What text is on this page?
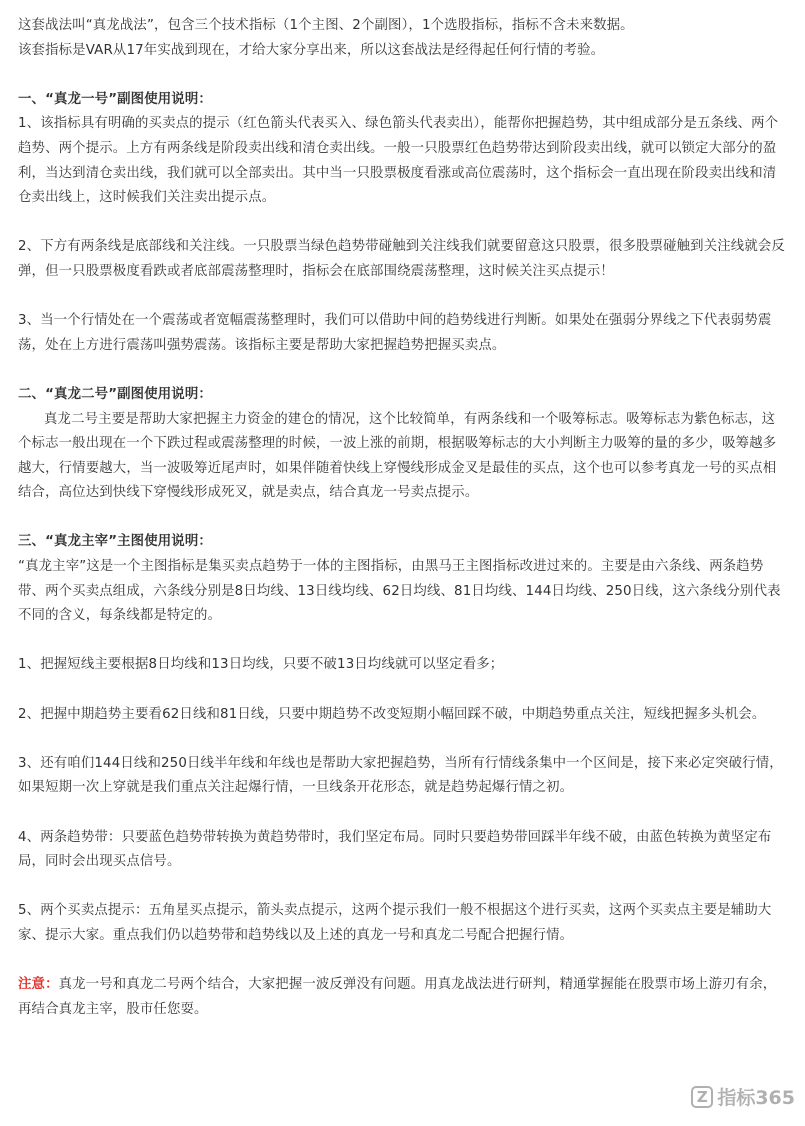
这套战法叫“真龙战法”，包含三个技术指标（1个主图、2个副图），1个选股指标，指标不含未来数据。

该套指标是VAR从17年实战到现在，才给大家分享出来，所以这套战法是经得起任何行情的考验。

一、“真龙一号”副图使用说明：

1、该指标具有明确的买卖点的提示（红色箭头代表买入、绿色箭头代表卖出），能帮你把握趋势，其中组成部分是五条线、两个趋势、两个提示。上方有两条线是阶段卖出线和清仓卖出线。一般一只股票红色趋势带达到阶段卖出线，就可以锁定大部分的盈利，当达到清仓卖出线，我们就可以全部卖出。其中当一只股票极度看涨或高位震荡时，这个指标会一直出现在阶段卖出线和清仓卖出线上，这时候我们关注卖出提示点。

2、下方有两条线是底部线和关注线。一只股票当绿色趋势带碰触到关注线我们就要留意这只股票，很多股票碰触到关注线就会反弹，但一只股票极度看跌或者底部震荡整理时，指标会在底部围绕震荡整理，这时候关注买点提示！

3、当一个行情处在一个震荡或者宽幅震荡整理时，我们可以借助中间的趋势线进行判断。如果处在强弱分界线之下代表弱势震荡，处在上方进行震荡叫强势震荡。该指标主要是帮助大家把握趋势把握买卖点。

二、“真龙二号”副图使用说明：

真龙二号主要是帮助大家把握主力资金的建仓的情况，这个比较简单，有两条线和一个吸筹标志。吸筹标志为紫色标志，这个标志一般出现在一个下跌过程或震荡整理的时候，一波上涨的前期，根据吸筹标志的大小判断主力吸筹的量的多少，吸筹越多越大，行情要越大，当一波吸筹近尾声时，如果伴随着快线上穿慢线形成金叉是最佳的买点，这个也可以参考真龙一号的买点相结合，高位达到快线下穿慢线形成死叉，就是卖点，结合真龙一号卖点提示。

三、“真龙主宰”主图使用说明：

“真龙主宰”这是一个主图指标是集买卖点趋势于一体的主图指标，由黑马王主图指标改进过来的。主要是由六条线、两条趋势带、两个买卖点组成，六条线分别是8日均线、13日线均线、62日均线、81日均线、144日均线、250日线，这六条线分别代表不同的含义，每条线都是特定的。

1、把握短线主要根据8日均线和13日均线，只要不破13日均线就可以坚定看多；

2、把握中期趋势主要看62日线和81日线，只要中期趋势不改变短期小幅回踩不破，中期趋势重点关注，短线把握多头机会。

3、还有咱们144日线和250日线半年线和年线也是帮助大家把握趋势，当所有行情线条集中一个区间是，接下来必定突破行情，如果短期一次上穿就是我们重点关注起爆行情，一旦线条开花形态，就是趋势起爆行情之初。

4、两条趋势带：只要蓝色趋势带转换为黄趋势带时，我们坚定布局。同时只要趋势带回踩半年线不破，由蓝色转换为黄坚定布局，同时会出现买点信号。

5、两个买卖点提示：五角星买点提示，箭头卖点提示，这两个提示我们一般不根据这个进行买卖，这两个买卖点主要是辅助大家、提示大家。重点我们仍以趋势带和趋势线以及上述的真龙一号和真龙二号配合把握行情。

注意：真龙一号和真龙二号两个结合，大家把握一波反弹没有问题。用真龙战法进行研判，精通掌握能在股票市场上游刃有余，再结合真龙主宰，股市任您耍。

Z 指标365
